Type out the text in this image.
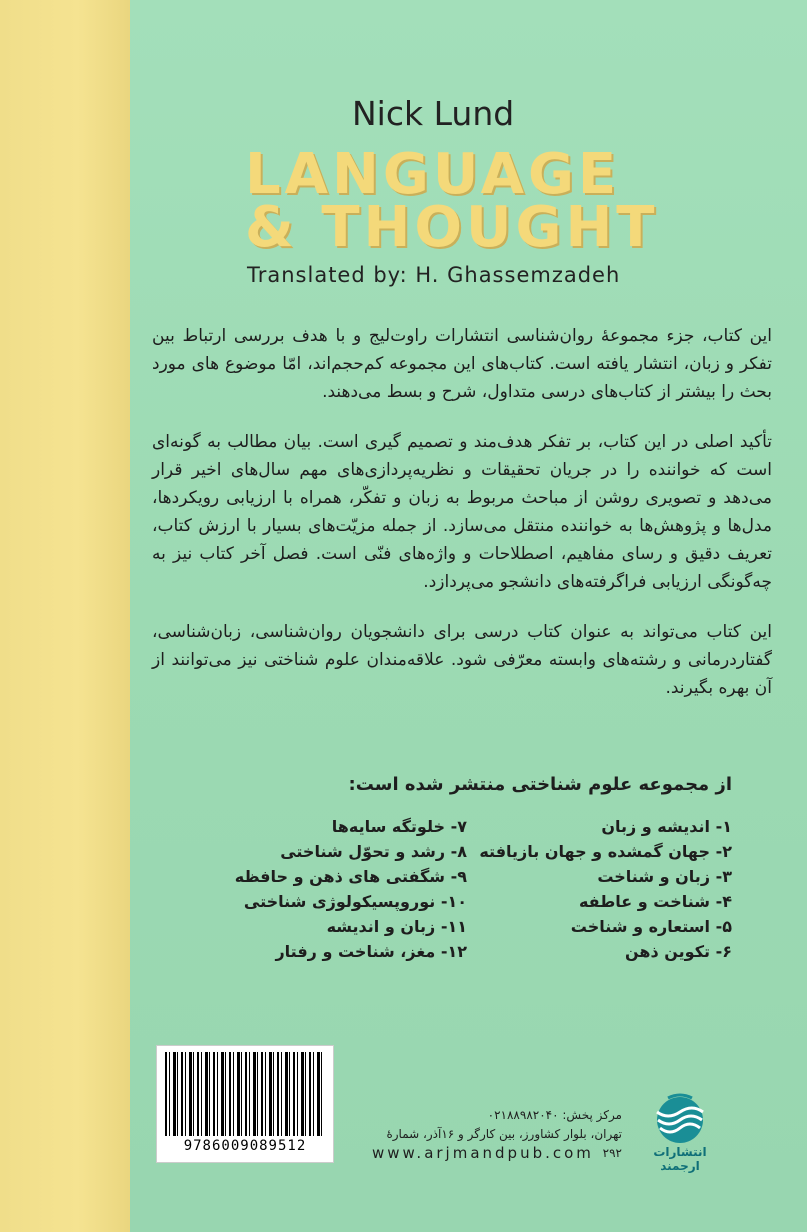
Nick Lund
LANGUAGE
& THOUGHT
Translated by: H. Ghassemzadeh

این کتاب، جزء مجموعۀ روان‌شناسی انتشارات راوت‌لیج و با هدف بررسی ارتباط بین تفکر و زبان، انتشار یافته است. کتاب‌های این مجموعه کم‌حجم‌اند، امّا موضوع های مورد بحث را بیشتر از کتاب‌های درسی متداول، شرح و بسط می‌دهند.

تأکید اصلی در این کتاب، بر تفکر هدف‌مند و تصمیم گیری است. بیان مطالب به گونه‌ای است که خواننده را در جریان تحقیقات و نظریه‌پردازی‌های مهم سال‌های اخیر قرار می‌دهد و تصویری روشن از مباحث مربوط به زبان و تفکّر، همراه با ارزیابی رویکردها، مدل‌ها و پژوهش‌ها به خواننده منتقل می‌سازد. از جمله مزیّت‌های بسیار با ارزش کتاب، تعریف دقیق و رسای مفاهیم، اصطلاحات و واژه‌های فنّی است. فصل آخر کتاب نیز به چه‌گونگی ارزیابی فراگرفته‌های دانشجو می‌پردازد.

این کتاب می‌تواند به عنوان کتاب درسی برای دانشجویان روان‌شناسی، زبان‌شناسی، گفتاردرمانی و رشته‌های وابسته معرّفی شود. علاقه‌مندان علوم شناختی نیز می‌توانند از آن بهره بگیرند.

از مجموعه علوم شناختی منتشر شده است:
۱- اندیشه و زبان
۲- جهان گمشده و جهان بازیافته
۳- زبان و شناخت
۴- شناخت و عاطفه
۵- استعاره و شناخت
۶- تکوین ذهن
۷- خلوتگه سایه‌ها
۸- رشد و تحوّل شناختی
۹- شگفتی های ذهن و حافظه
۱۰- نوروپسیکولوژی شناختی
۱۱- زبان و اندیشه
۱۲- مغز، شناخت و رفتار
9786009089512
مرکز پخش: ۰۲۱۸۸۹۸۲۰۴۰
تهران، بلوار کشاورز، بین کارگر و ۱۶آذر، شمارۀ ۲۹۲
www.arjmandpub.com	انتشارات ارجمند
